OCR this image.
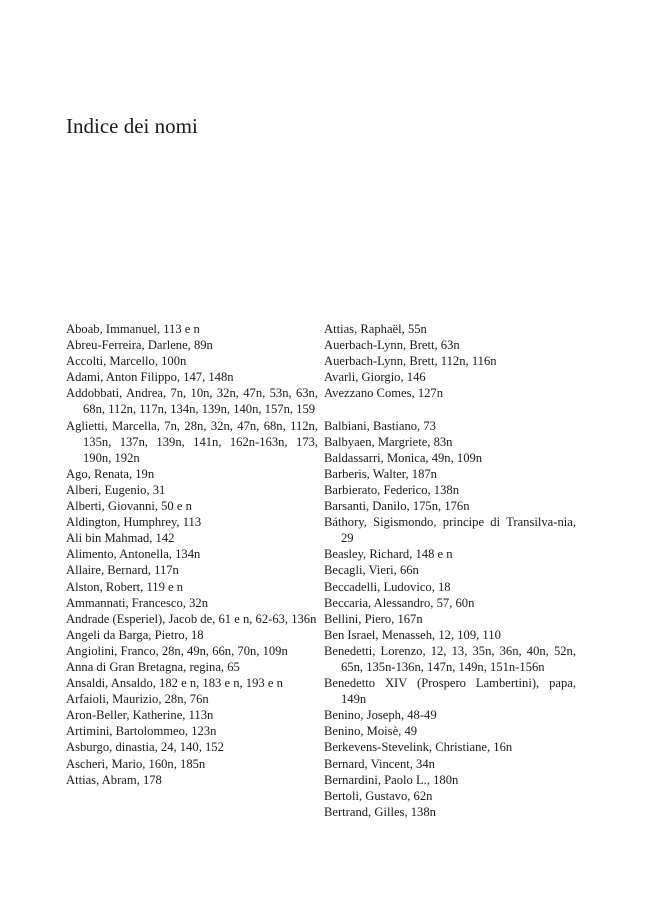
Indice dei nomi
Aboab, Immanuel, 113 e n
Abreu-Ferreira, Darlene, 89n
Accolti, Marcello, 100n
Adami, Anton Filippo, 147, 148n
Addobbati, Andrea, 7n, 10n, 32n, 47n, 53n, 63n, 68n, 112n, 117n, 134n, 139n, 140n, 157n, 159
Aglietti, Marcella, 7n, 28n, 32n, 47n, 68n, 112n, 135n, 137n, 139n, 141n, 162n-163n, 173, 190n, 192n
Ago, Renata, 19n
Alberi, Eugenio, 31
Alberti, Giovanni, 50 e n
Aldington, Humphrey, 113
Ali bin Mahmad, 142
Alimento, Antonella, 134n
Allaire, Bernard, 117n
Alston, Robert, 119 e n
Ammannati, Francesco, 32n
Andrade (Esperiel), Jacob de, 61 e n, 62-63, 136n
Angeli da Barga, Pietro, 18
Angiolini, Franco, 28n, 49n, 66n, 70n, 109n
Anna di Gran Bretagna, regina, 65
Ansaldi, Ansaldo, 182 e n, 183 e n, 193 e n
Arfaioli, Maurizio, 28n, 76n
Aron-Beller, Katherine, 113n
Artimini, Bartolommeo, 123n
Asburgo, dinastia, 24, 140, 152
Ascheri, Mario, 160n, 185n
Attias, Abram, 178
Attias, Raphaël, 55n
Auerbach-Lynn, Brett, 63n
Auerbach-Lynn, Brett, 112n, 116n
Avarli, Giorgio, 146
Avezzano Comes, 127n
Balbiani, Bastiano, 73
Balbyaen, Margriete, 83n
Baldassarri, Monica, 49n, 109n
Barberis, Walter, 187n
Barbierato, Federico, 138n
Barsanti, Danilo, 175n, 176n
Báthory, Sigismondo, principe di Transilva-nia, 29
Beasley, Richard, 148 e n
Becagli, Vieri, 66n
Beccadelli, Ludovico, 18
Beccaria, Alessandro, 57, 60n
Bellini, Piero, 167n
Ben Israel, Menasseh, 12, 109, 110
Benedetti, Lorenzo, 12, 13, 35n, 36n, 40n, 52n, 65n, 135n-136n, 147n, 149n, 151n-156n
Benedetto XIV (Prospero Lambertini), papa, 149n
Benino, Joseph, 48-49
Benino, Moisè, 49
Berkevens-Stevelink, Christiane, 16n
Bernard, Vincent, 34n
Bernardini, Paolo L., 180n
Bertoli, Gustavo, 62n
Bertrand, Gilles, 138n
